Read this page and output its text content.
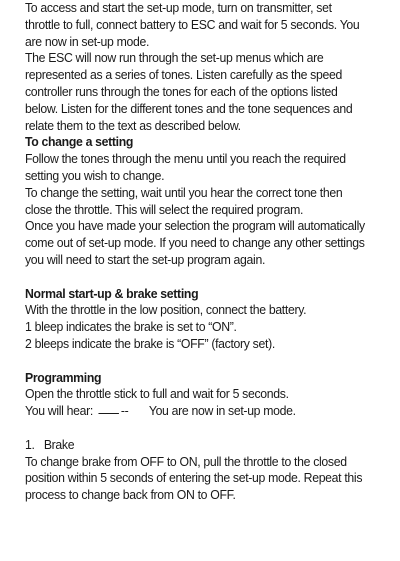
To access and start the set-up mode, turn on transmitter, set throttle to full, connect battery to ESC and wait for 5 seconds. You are now in set-up mode.

The ESC will now run through the set-up menus which are represented as a series of tones. Listen carefully as the speed controller runs through the tones for each of the options listed below. Listen for the different tones and the tone sequences and relate them to the text as described below.

To change a setting

Follow the tones through the menu until you reach the required setting you wish to change.

To change the setting, wait until you hear the correct tone then close the throttle. This will select the required program.

Once you have made your selection the program will automatically come out of set-up mode. If you need to change any other settings you will need to start the set-up program again.

Normal start-up & brake setting

With the throttle in the low position, connect the battery.

1 bleep indicates the brake is set to “ON”.

2 bleeps indicate the brake is “OFF” (factory set).

Programming

Open the throttle stick to full and wait for 5 seconds.

You will hear: -- You are now in set-up mode.

1.   Brake

To change brake from OFF to ON, pull the throttle to the closed position within 5 seconds of entering the set-up mode. Repeat this process to change back from ON to OFF.
